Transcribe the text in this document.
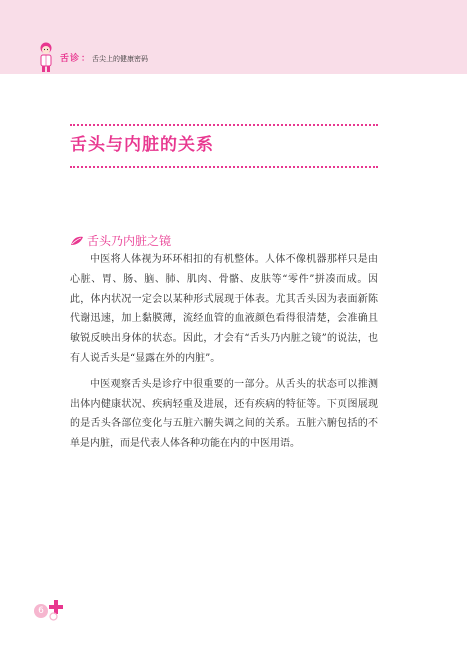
舌诊： 舌尖上的健康密码
舌头与内脏的关系
舌头乃内脏之镜

中医将人体视为环环相扣的有机整体。人体不像机器那样只是由心脏、胃、肠、脑、肺、肌肉、骨骼、皮肤等“零件”拼凑而成。因此，体内状况一定会以某种形式展现于体表。尤其舌头因为表面新陈代谢迅速，加上黏膜薄，流经血管的血液颜色看得很清楚，会准确且敏锐反映出身体的状态。因此，才会有“舌头乃内脏之镜”的说法，也有人说舌头是“显露在外的内脏”。

中医观察舌头是诊疗中很重要的一部分。从舌头的状态可以推测出体内健康状况、疾病轻重及进展，还有疾病的特征等。下页图展现的是舌头各部位变化与五脏六腑失调之间的关系。五脏六腑包括的不单是内脏，而是代表人体各种功能在内的中医用语。

6
